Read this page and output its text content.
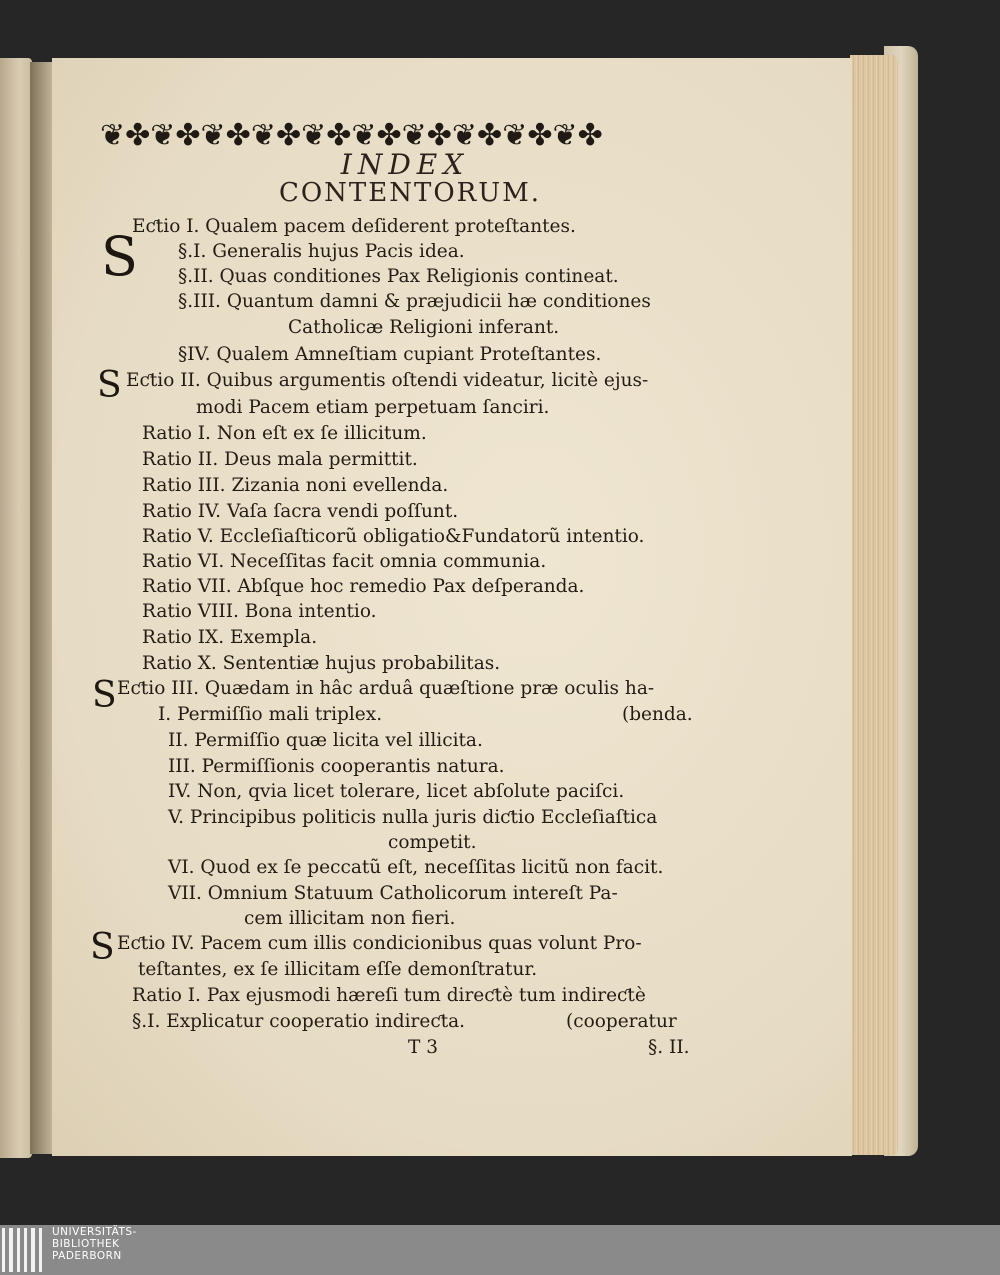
❦✤❦✤❦✤❦✤❦✤❦✤❦✤❦✤❦✤❦✤
INDEX
CONTENTORUM.
S
S
S
S
Eƈtio I. Qualem pacem deſiderent proteſtantes.
§.I. Generalis hujus Pacis idea.
§.II. Quas conditiones Pax Religionis contineat.
§.III. Quantum damni & præjudicii hæ conditiones
Catholicæ Religioni inferant.
§IV. Qualem Amneſtiam cupiant Proteſtantes.
Eƈtio II. Quibus argumentis oſtendi videatur, licitè ejus-
modi Pacem etiam perpetuam ſanciri.
Ratio I. Non eſt ex ſe illicitum.
Ratio II. Deus mala permittit.
Ratio III. Zizania noni evellenda.
Ratio IV. Vaſa ſacra vendi poſſunt.
Ratio V. Eccleſiaſticorũ obligatio&Fundatorũ intentio.
Ratio VI. Neceſſitas facit omnia communia.
Ratio VII. Abſque hoc remedio Pax deſperanda.
Ratio VIII. Bona intentio.
Ratio IX. Exempla.
Ratio X. Sententiæ hujus probabilitas.
Eƈtio III. Quædam in hâc arduâ quæſtione præ oculis ha-
I. Permiſſio mali triplex.	(benda.
II. Permiſſio quæ licita vel illicita.
III. Permiſſionis cooperantis natura.
IV. Non, qvia licet tolerare, licet abſolute paciſci.
V. Principibus politicis nulla juris diƈtio Eccleſiaſtica
competit.
VI. Quod ex ſe peccatũ eſt, neceſſitas licitũ non facit.
VII. Omnium Statuum Catholicorum intereſt Pa-
cem illicitam non fieri.
Eƈtio IV. Pacem cum illis condicionibus quas volunt Pro-
teſtantes, ex ſe illicitam eſſe demonſtratur.
Ratio I. Pax ejusmodi hæreſi tum direƈtè tum indireƈtè
§.I. Explicatur cooperatio indireƈta.	(cooperatur
T 3	§. II.
UNIVERSITÄTS-
BIBLIOTHEK
PADERBORN
